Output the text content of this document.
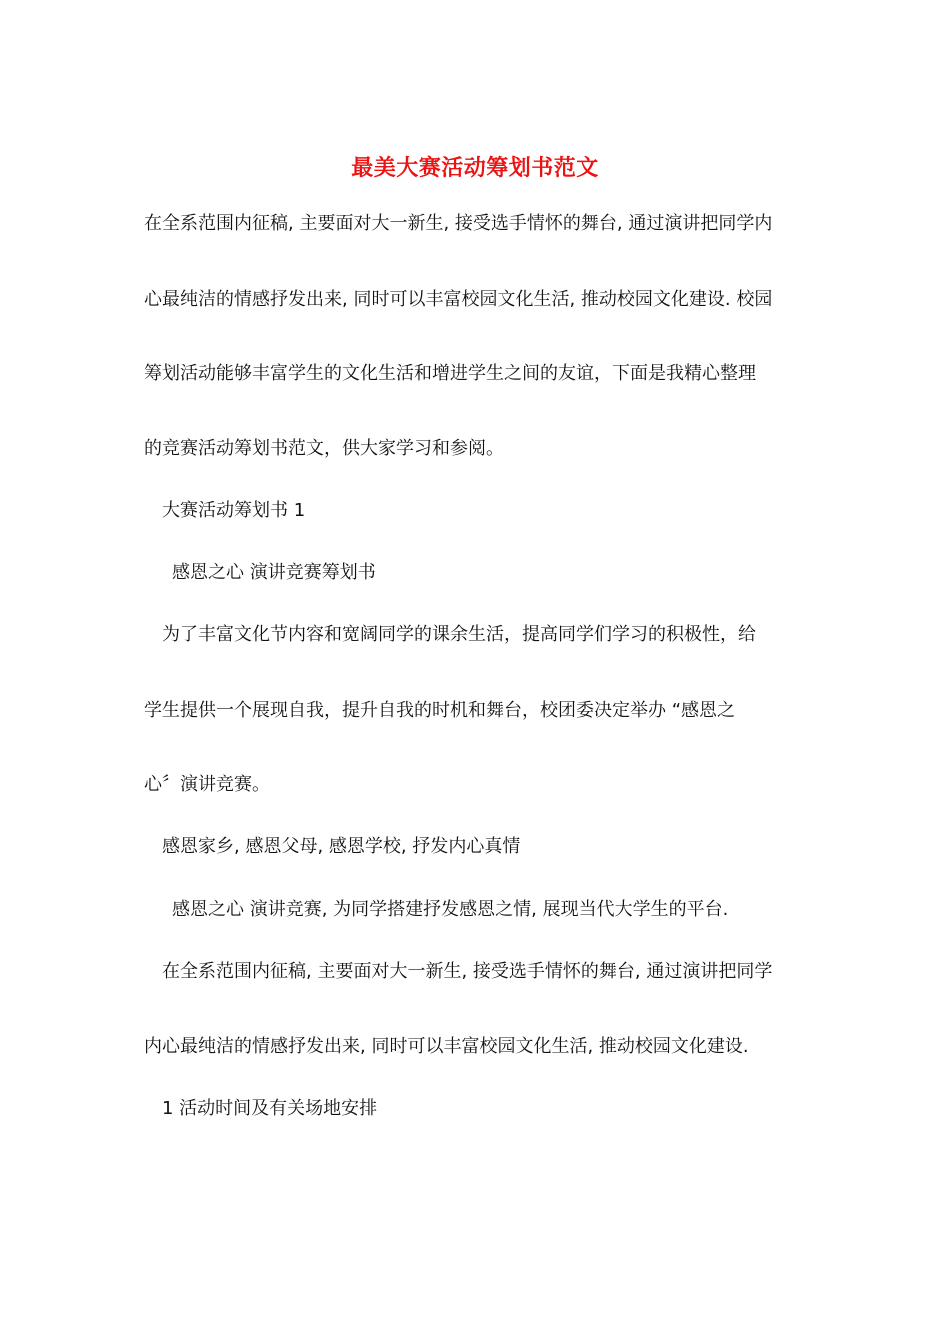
最美大赛活动筹划书范文
在全系范围内征稿, 主要面对大一新生, 接受选手情怀的舞台, 通过演讲把同学内
心最纯洁的情感抒发出来, 同时可以丰富校园文化生活, 推动校园文化建设. 校园
筹划活动能够丰富学生的文化生活和增进学生之间的友谊，下面是我精心整理
的竞赛活动筹划书范文，供大家学习和参阅。
大赛活动筹划书 1
感恩之心 演讲竞赛筹划书
为了丰富文化节内容和宽阔同学的课余生活，提高同学们学习的积极性，给
学生提供一个展现自我，提升自我的时机和舞台，校团委决定举办 “感恩之
心〞演讲竞赛。
感恩家乡, 感恩父母, 感恩学校, 抒发内心真情
感恩之心 演讲竞赛, 为同学搭建抒发感恩之情, 展现当代大学生的平台.
在全系范围内征稿, 主要面对大一新生, 接受选手情怀的舞台, 通过演讲把同学
内心最纯洁的情感抒发出来, 同时可以丰富校园文化生活, 推动校园文化建设.
1 活动时间及有关场地安排
